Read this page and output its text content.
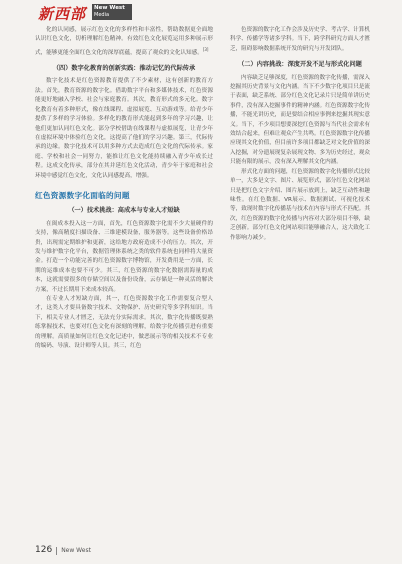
新西部 New West
Media

化的认同感，展示红色文化的多样性和丰富性，帮助数据更全面地认识红色文化，切析理解红色精神。有效红色文化展览运用多种展示形式，能够更能全面红色文化的深厚底蕴，提高了观众的文化认知感。[3]

（四）数字化教育的创新实践：推动记忆的代际传承

数字化技术是红色资源教育提供了不少素材，这有创新的教育方法。首先，教育资源的数字化。借助数字平台和多媒体技术，红色资源能更好地融入学校、社会与家庭教育。其次，教育形式的多元化。数字化教育有着多种形式，像在线课程、虚拟展览、互动游戏等。给青少年提供了多样的学习体验。多样化的教育形式能起到多年的学习兴趣，让他们更加认同红色文化。部分学校借助在线课程与虚拟展览，让青少年在虚拟环境中体验红色文化，这提高了他们的学习兴趣。第三，代际传承的边缘。数字化技术可以用多种方式去造成红色文化的代际传承。家庭、学校和社会一同努力，能推让红色文化能持续融入青少年成长过程。这成文化传承，部分在其并延红色文化活动，青少年于家庭和社会环境中感觉红色文化，文化认同感提高，增强。

红色资源数字化面临的问题
（一）技术挑战：高成本与专业人才短缺

在闽成本投入这一方面，首先，红色资源数字化需不少大量硬件的支持，像高精度扫描设备、三维建模设备，服务器等。这些设备价格昂贵，出现需定期维护和更新，这给地方政府造成不小的压力。其次，开发与维护数字化平台，数据管理体系统之类的软件系统也同样将大量资金。打造一个功能完善的红色资源数字博物馆，开发费用是一方面，长期的运维成本也要不可少。其三，红色资源的数字化数据需海量的成本，这就需要很多的存储空间以及备份设备，云存储是一种灵活的解决方案，不过长期用下来成本较高。

在专业人才短缺方面，其一，红色资源数字化工作需要复合型人才，这类人才要具备数字技术、文物保护、历史研究等多学科知识。当下，相关专业人才匮乏，无法充分实际需求。其次，数字化传播既要熟练掌握技术，也要对红色文化有深刻的理解，给数字化传播引进有重要的理解。高质量如何让红色文化记述中，做恶展示等的相关技术不专业的编码、导演、设计师等人员。其三，红色

色资源的数字化工作会涉及历史学、考古学、计算机科学、传播学等诸多学科。当下，跨学科研究方面人才匮乏，阻碍影响数据系统开发的研究与开发团队。

（二）内容挑战：深度开发不足与形式化问题

内容缺乏足够深度，红色资源的数字化传播，需深入挖掘其历史背景与文化内涵。当下不少数字化项目只是流于表面，缺乏系统、部分红色文化记录片只是简单讲历史事件，没有深入挖掘事件的精神内涵。红色资源数字化传播，不能光讲历史，而是要结合相应事例来挖掘其现实意义。当下，不少项目想要深挖红色资源与当代社会需求有效结合起来，但难让观众产生共鸣。红色资源数字化传播应现其文化价值，但目前许多项目都缺乏对文化价值的深入挖掘，对分遗展现复杂展现文物、多为历史经过，观众只能有限的展示，没有深入理解其文化内涵。

形式化方面的问题，红色资源的数字化传播形式比较单一，大多是文字、图片、展览形式，部分红色文化网站只是把红色文字介绍、图片展示放到上，缺乏互动性和趣味性。在红色数据、VR展示、数据测试、可视化技术等，致现时数字化传播基与技术在内容与形式不匹配。其次，红色资源的数字化传播与内容对大部分项目不够，缺乏创新。部分红色文化网站项目能够融合人，这大致化工作影响力减少。

126 New West
